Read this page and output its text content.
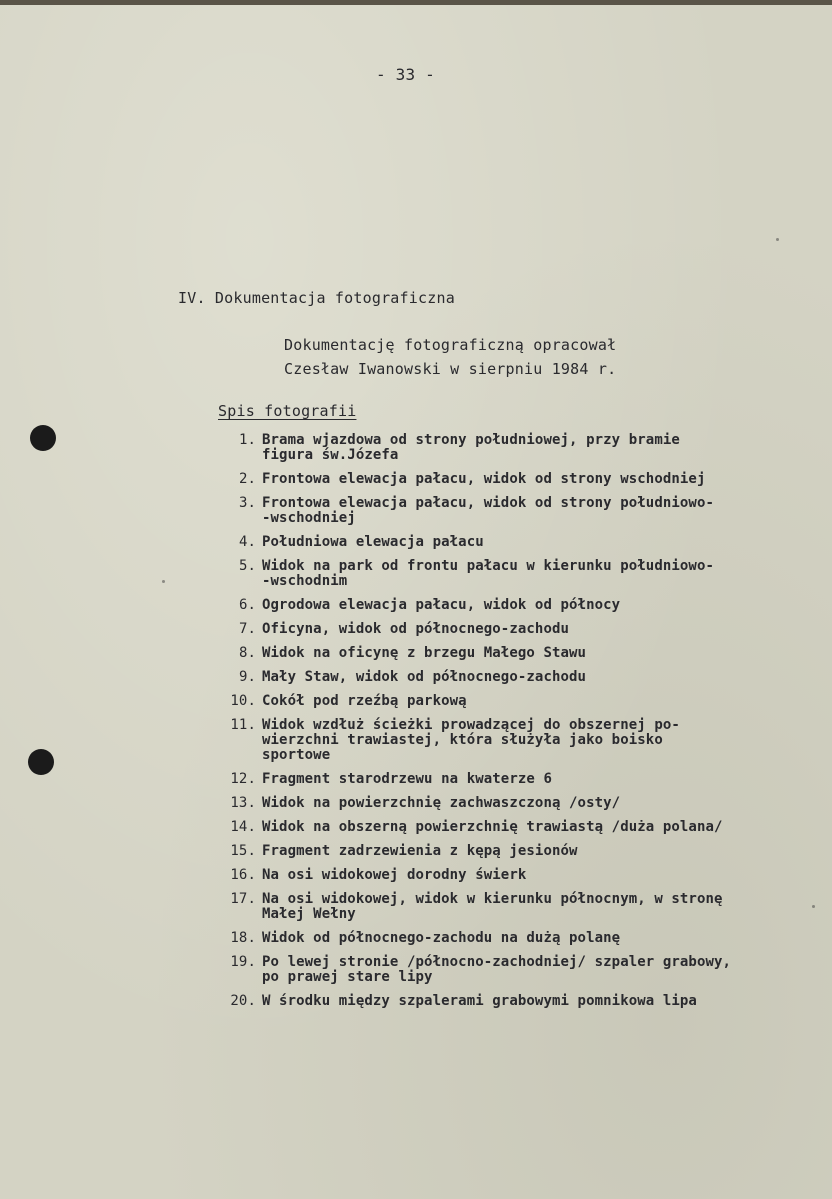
- 33 -
IV. Dokumentacja fotograficzna
Dokumentację fotograficzną opracował
Czesław Iwanowski w sierpniu 1984 r.
Spis fotografii
1. Brama wjazdowa od strony południowej, przy bramie
figura św.Józefa
2. Frontowa elewacja pałacu, widok od strony wschodniej
3. Frontowa elewacja pałacu, widok od strony południowo-
-wschodniej
4. Południowa elewacja pałacu
5. Widok na park od frontu pałacu w kierunku południowo-
-wschodnim
6. Ogrodowa elewacja pałacu, widok od północy
7. Oficyna, widok od północnego-zachodu
8. Widok na oficynę z brzegu Małego Stawu
9. Mały Staw, widok od północnego-zachodu
10. Cokół pod rzeźbą parkową
11. Widok wzdłuż ścieżki prowadzącej do obszernej po-
wierzchni trawiastej, która służyła jako boisko
sportowe
12. Fragment starodrzewu na kwaterze 6
13. Widok na powierzchnię zachwaszczoną /osty/
14. Widok na obszerną powierzchnię trawiastą /duża polana/
15. Fragment zadrzewienia z kępą jesionów
16. Na osi widokowej dorodny świerk
17. Na osi widokowej, widok w kierunku północnym, w stronę
Małej Wełny
18. Widok od północnego-zachodu na dużą polanę
19. Po lewej stronie /północno-zachodniej/ szpaler grabowy,
po prawej stare lipy
20. W środku między szpalerami grabowymi pomnikowa lipa
